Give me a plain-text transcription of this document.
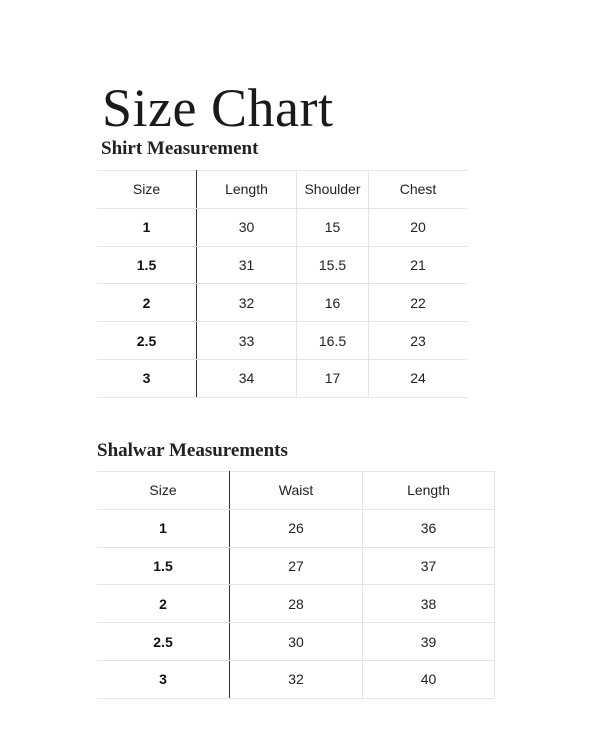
Size Chart
Shirt Measurement
Size	Length	Shoulder	Chest
1	30	15	20
1.5	31	15.5	21
2	32	16	22
2.5	33	16.5	23
3	34	17	24
Shalwar Measurements
Size	Waist	Length
1	26	36
1.5	27	37
2	28	38
2.5	30	39
3	32	40
